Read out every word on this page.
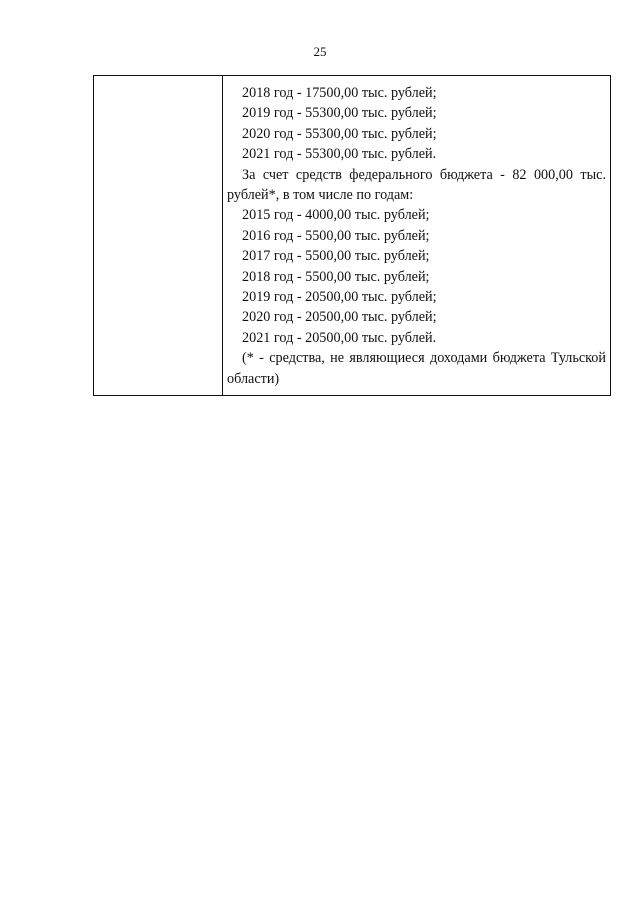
25
2018 год - 17500,00 тыс. рублей;
2019 год - 55300,00 тыс. рублей;
2020 год - 55300,00 тыс. рублей;
2021 год - 55300,00 тыс. рублей.
За счет средств федерального бюджета - 82 000,00 тыс. рублей*, в том числе по годам:
2015 год - 4000,00 тыс. рублей;
2016 год - 5500,00 тыс. рублей;
2017 год - 5500,00 тыс. рублей;
2018 год - 5500,00 тыс. рублей;
2019 год - 20500,00 тыс. рублей;
2020 год - 20500,00 тыс. рублей;
2021 год - 20500,00 тыс. рублей.
(* - средства, не являющиеся доходами бюджета Тульской области)
